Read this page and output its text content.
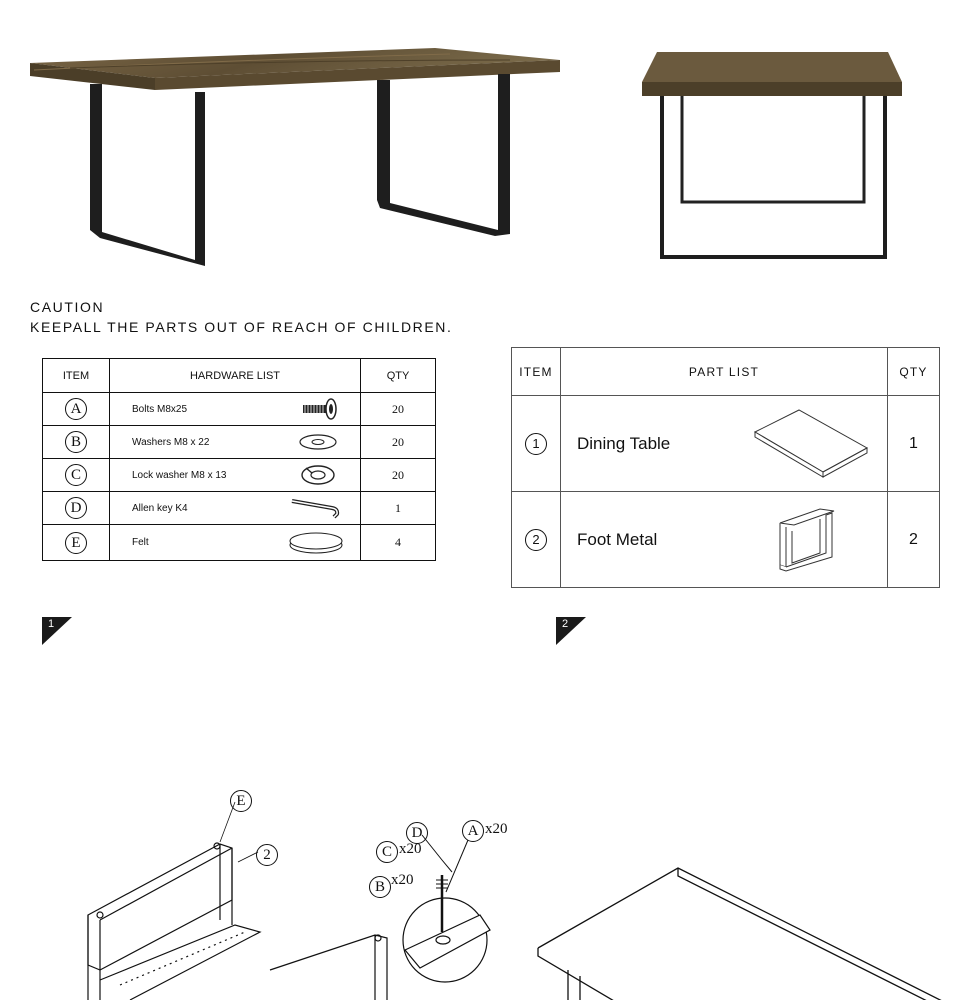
CAUTION
KEEPALL THE PARTS OUT OF REACH OF CHILDREN.
ITEM	HARDWARE LIST	QTY
A	Bolts M8x25	20
B	Washers M8 x 22	20
C	Lock washer M8 x 13	20
D	Allen key K4	1
E	Felt	4
ITEM	PART LIST	QTY
1	Dining Table	1
2	Foot Metal	2
1	2
E
2
D	A x20
C x20
B x20
